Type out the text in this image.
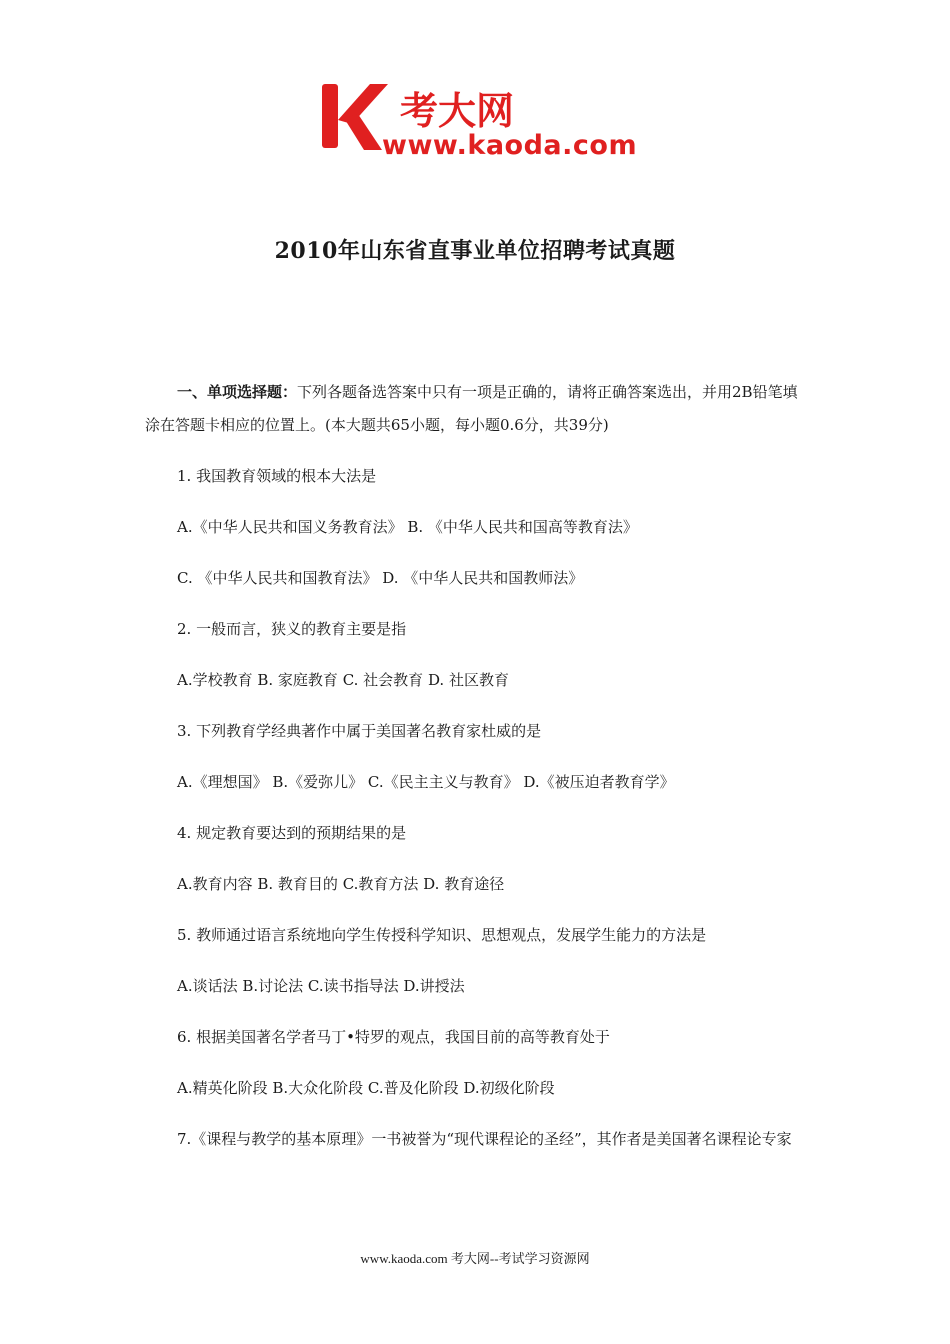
考大网
www.kaoda.com
2010年山东省直事业单位招聘考试真题

一、单项选择题：下列各题备选答案中只有一项是正确的，请将正确答案选出，并用2B铅笔填涂在答题卡相应的位置上。(本大题共65小题，每小题0.6分，共39分)

1. 我国教育领域的根本大法是

A.《中华人民共和国义务教育法》 B. 《中华人民共和国高等教育法》

C. 《中华人民共和国教育法》 D. 《中华人民共和国教师法》

2. 一般而言，狭义的教育主要是指

A.学校教育 B. 家庭教育 C. 社会教育 D. 社区教育

3. 下列教育学经典著作中属于美国著名教育家杜威的是

A.《理想国》 B.《爱弥儿》 C.《民主主义与教育》 D.《被压迫者教育学》

4. 规定教育要达到的预期结果的是

A.教育内容 B. 教育目的 C.教育方法 D. 教育途径

5. 教师通过语言系统地向学生传授科学知识、思想观点，发展学生能力的方法是

A.谈话法 B.讨论法 C.读书指导法 D.讲授法

6. 根据美国著名学者马丁•特罗的观点，我国目前的高等教育处于

A.精英化阶段 B.大众化阶段 C.普及化阶段 D.初级化阶段

7.《课程与教学的基本原理》一书被誉为“现代课程论的圣经”，其作者是美国著名课程论专家

www.kaoda.com 考大网--考试学习资源网
